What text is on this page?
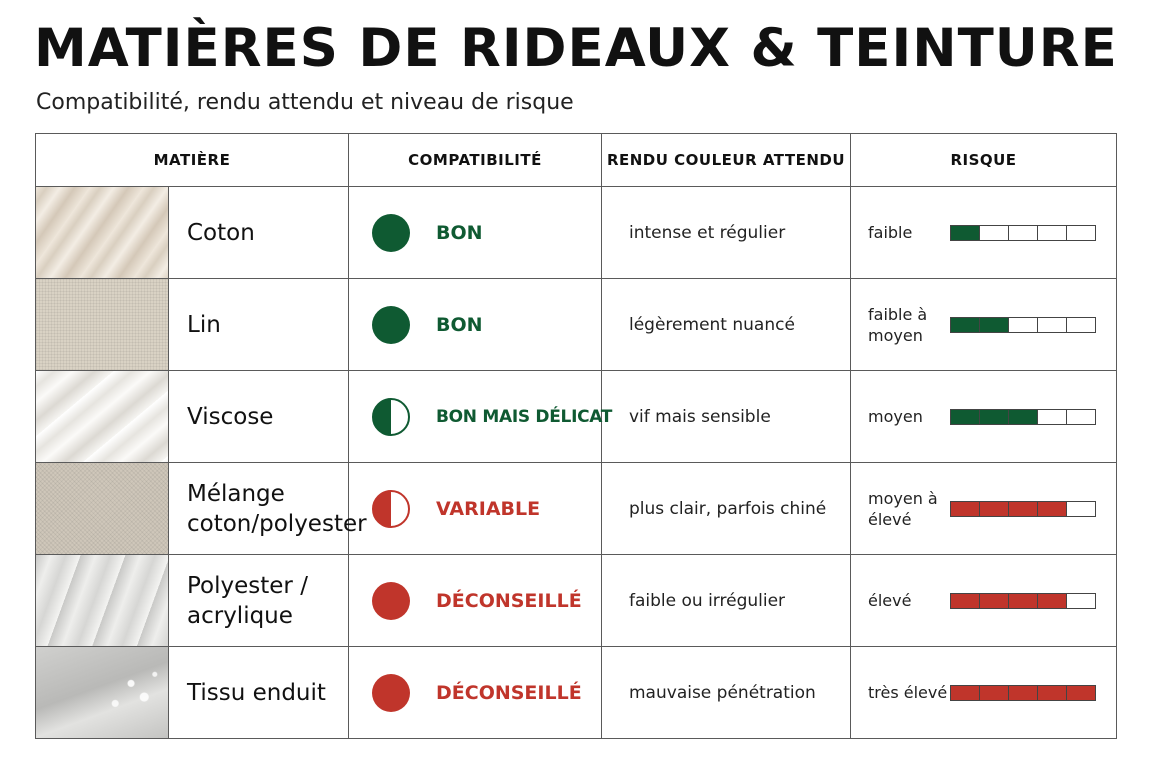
MATIÈRES DE RIDEAUX & TEINTURE
Compatibilité, rendu attendu et niveau de risque
MATIÈRE	COMPATIBILITÉ	RENDU COULEUR ATTENDU	RISQUE

Coton	BON	intense et régulier	faible

Lin	BON	légèrement nuancé	faible à
moyen

Viscose	BON MAIS DÉLICAT	vif mais sensible	moyen

Mélange
coton/polyester	VARIABLE	plus clair, parfois chiné	moyen à
élevé

Polyester /
acrylique	DÉCONSEILLÉ	faible ou irrégulier	élevé

Tissu enduit	DÉCONSEILLÉ	mauvaise pénétration	très élevé
